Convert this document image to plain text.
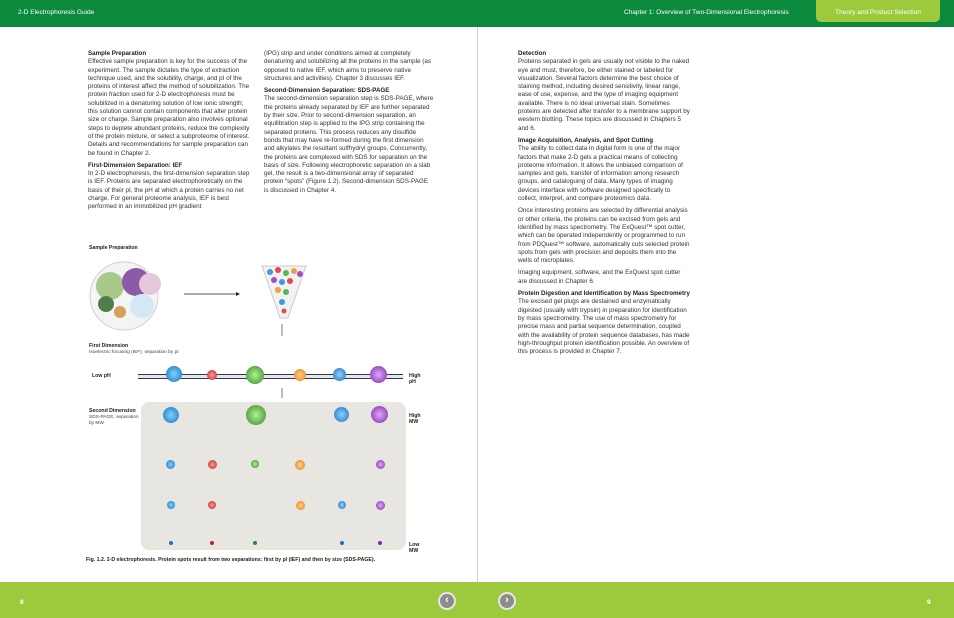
2-D Electrophoresis Guide	Chapter 1: Overview of Two-Dimensional Electrophoresis	Theory and Product Selection
Sample Preparation

Effective sample preparation is key for the success of the experiment. The sample dictates the type of extraction technique used, and the solubility, charge, and pI of the proteins of interest affect the method of solubilization. The protein fraction used for 2-D electrophoresis must be solubilized in a denaturing solution of low ionic strength; this solution cannot contain components that alter protein size or charge. Sample preparation also involves optional steps to deplete abundant proteins, reduce the complexity of the protein mixture, or select a subproteome of interest. Details and recommendations for sample preparation can be found in Chapter 2.

First-Dimension Separation: IEF

In 2-D electrophoresis, the first-dimension separation step is IEF. Proteins are separated electrophoretically on the basis of their pI, the pH at which a protein carries no net charge. For general proteome analysis, IEF is best performed in an immobilized pH gradient

(IPG) strip and under conditions aimed at completely denaturing and solubilizing all the proteins in the sample (as opposed to native IEF, which aims to preserve native structures and activities). Chapter 3 discusses IEF.

Second-Dimension Separation: SDS-PAGE

The second-dimension separation step is SDS-PAGE, where the proteins already separated by IEF are further separated by their size. Prior to second-dimension separation, an equilibration step is applied to the IPG strip containing the separated proteins. This process reduces any disulfide bonds that may have re-formed during the first dimension and alkylates the resultant sulfhydryl groups. Concurrently, the proteins are complexed with SDS for separation on the basis of size. Following electrophoretic separation on a slab gel, the result is a two-dimensional array of separated protein “spots” (Figure 1.2). Second-dimension SDS-PAGE is discussed in Chapter 4.

Detection

Proteins separated in gels are usually not visible to the naked eye and must, therefore, be either stained or labeled for visualization. Several factors determine the best choice of staining method, including desired sensitivity, linear range, ease of use, expense, and the type of imaging equipment available. There is no ideal universal stain. Sometimes proteins are detected after transfer to a membrane support by western blotting. These topics are discussed in Chapters 5 and 6.

Image Acquisition, Analysis, and Spot Cutting

The ability to collect data in digital form is one of the major factors that make 2-D gels a practical means of collecting proteome information. It allows the unbiased comparison of samples and gels, transfer of information among research groups, and cataloguing of data. Many types of imaging devices interface with software designed specifically to collect, interpret, and compare proteomics data.

Once interesting proteins are selected by differential analysis or other criteria, the proteins can be excised from gels and identified by mass spectrometry. The ExQuest™ spot cutter, which can be operated independently or programmed to run from PDQuest™ software, automatically cuts selected protein spots from gels with precision and deposits them into the wells of microplates.

Imaging equipment, software, and the ExQuest spot cutter are discussed in Chapter 6.

Protein Digestion and Identification by Mass Spectrometry

The excised gel plugs are destained and enzymatically digested (usually with trypsin) in preparation for identification by mass spectrometry. The use of mass spectrometry for precise mass and partial sequence determination, coupled with the availability of protein sequence databases, has made high-throughput protein identification possible. An overview of this process is provided in Chapter 7.

Sample Preparation
First Dimension
Isoelectric focusing (IEF), separation by pI
Low pH	High pH
Second Dimension
SDS-PAGE, separation by MW
High MW
Low MW
Fig. 1.2. 2-D electrophoresis. Protein spots result from two separations: first by pI (IEF) and then by size (SDS-PAGE).
8	‹	›	9
